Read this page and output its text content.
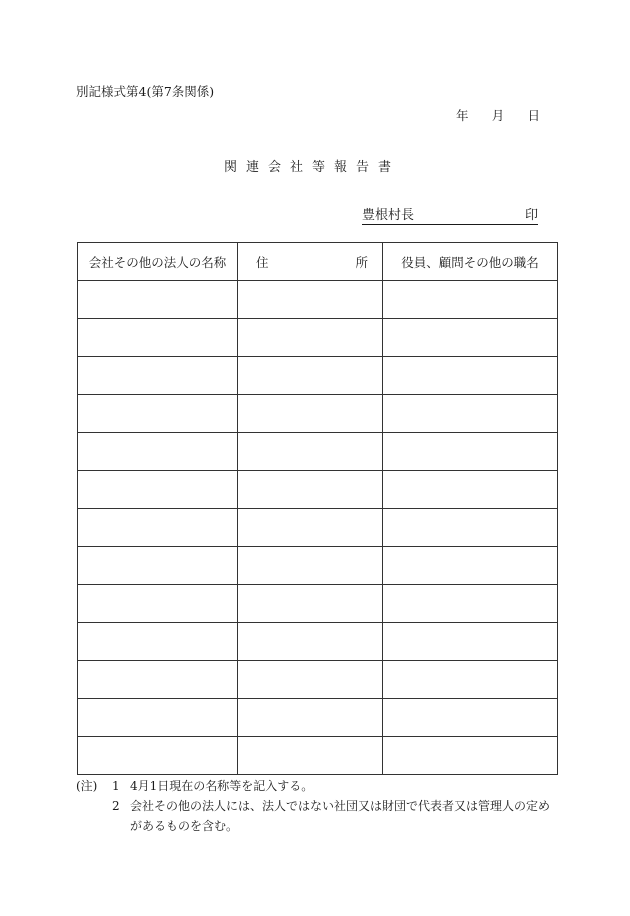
別記様式第4(第7条関係)
年 月 日
関連会社等報告書
豊根村長	印
会社その他の法人の名称	住 所	役員、顧問その他の職名

(注)	1 4月1日現在の名称等を記入する。
2 会社その他の法人には、法人ではない社団又は財団で代表者又は管理人の定め
があるものを含む。
